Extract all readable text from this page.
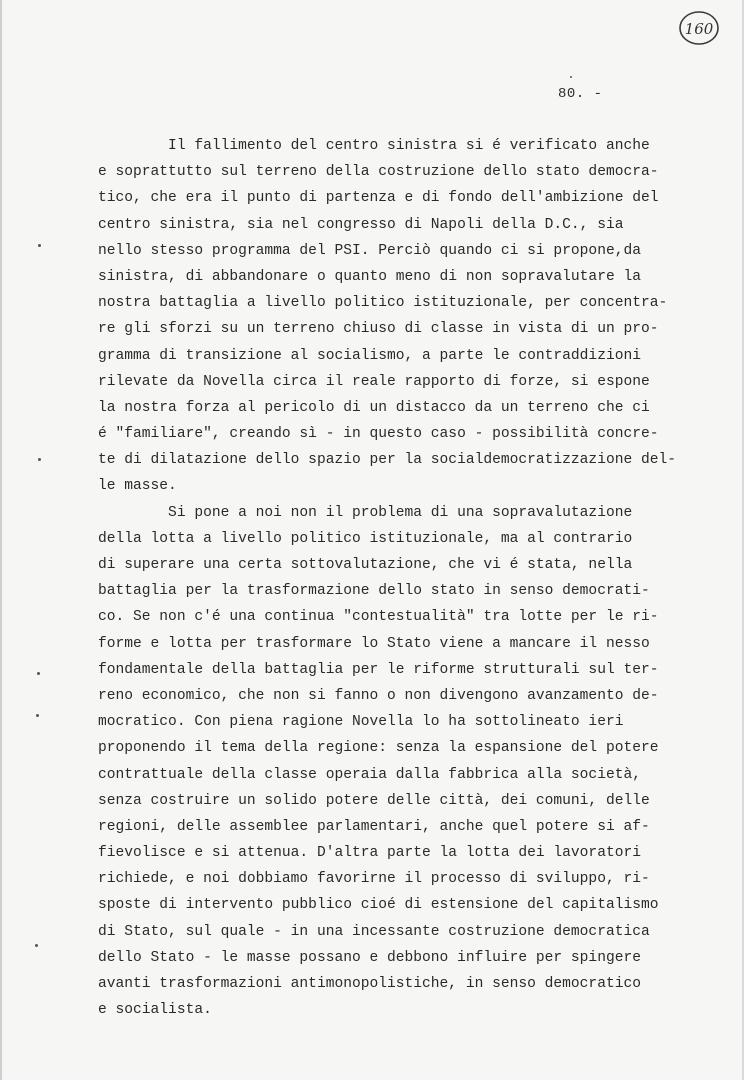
160
80. -
Il fallimento del centro sinistra si é verificato anche
e soprattutto sul terreno della costruzione dello stato democra-
tico, che era il punto di partenza e di fondo dell'ambizione del
centro sinistra, sia nel congresso di Napoli della D.C., sia
nello stesso programma del PSI. Perciò quando ci si propone,da
sinistra, di abbandonare o quanto meno di non sopravalutare la
nostra battaglia a livello politico istituzionale, per concentra-
re gli sforzi su un terreno chiuso di classe in vista di un pro-
gramma di transizione al socialismo, a parte le contraddizioni
rilevate da Novella circa il reale rapporto di forze, si espone
la nostra forza al pericolo di un distacco da un terreno che ci
é "familiare", creando sì - in questo caso - possibilità concre-
te di dilatazione dello spazio per la socialdemocratizzazione del-
le masse.
Si pone a noi non il problema di una sopravalutazione
della lotta a livello politico istituzionale, ma al contrario
di superare una certa sottovalutazione, che vi é stata, nella
battaglia per la trasformazione dello stato in senso democrati-
co. Se non c'é una continua "contestualità" tra lotte per le ri-
forme e lotta per trasformare lo Stato viene a mancare il nesso
fondamentale della battaglia per le riforme strutturali sul ter-
reno economico, che non si fanno o non divengono avanzamento de-
mocratico. Con piena ragione Novella lo ha sottolineato ieri
proponendo il tema della regione: senza la espansione del potere
contrattuale della classe operaia dalla fabbrica alla società,
senza costruire un solido potere delle città, dei comuni, delle
regioni, delle assemblee parlamentari, anche quel potere si af-
fievolisce e si attenua. D'altra parte la lotta dei lavoratori
richiede, e noi dobbiamo favorirne il processo di sviluppo, ri-
sposte di intervento pubblico cioé di estensione del capitalismo
di Stato, sul quale - in una incessante costruzione democratica
dello Stato - le masse possano e debbono influire per spingere
avanti trasformazioni antimonopolistiche, in senso democratico
e socialista.
